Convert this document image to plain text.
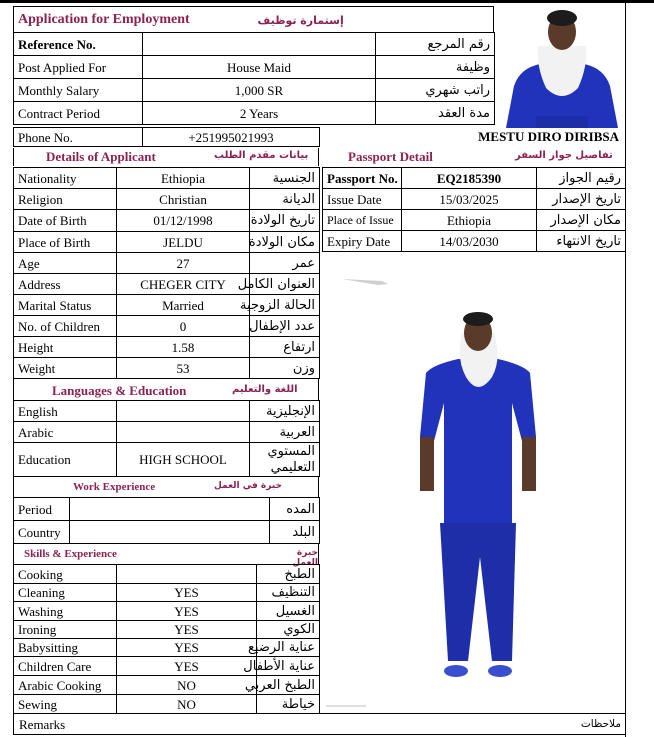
Application for Employment	إستمارة توظيف
Reference No.		رقم المرجع
Post Applied For	House Maid	وظيفة
Monthly Salary	1,000 SR	راتب شهري
Contract Period	2 Years	مدة العقد
Phone No.	+251995021993	MESTU DIRO DIRIBSA
Details of Applicant	بيانات مقدم الطلب	Passport Detail	تفاصيل جواز السفر
Nationality	Ethiopia	الجنسية
Religion	Christian	الديانة
Date of Birth	01/12/1998	تاريخ الولادة
Place of Birth	JELDU	مكان الولادة
Age	27	عمر
Address	CHEGER CITY	العنوان الكامل
Marital Status	Married	الحالة الزوجية
No. of Children	0	عدد الإطفال
Height	1.58	ارتفاع
Weight	53	وزن
Passport No.	EQ2185390	رقيم الجواز
Issue Date	15/03/2025	تاريخ الإصدار
Place of Issue	Ethiopia	مكان الإصدار
Expiry Date	14/03/2030	تاريخ الانتهاء
Languages & Education	اللغة والتعليم
English		الإنجليزية
Arabic		العربية
Education	HIGH SCHOOL	المستوي التعليمي
Work Experience	خبرة في العمل
Period		المده
Country		البلد
Skills & Experience	خبرة العمل
Cooking		الطبخ
Cleaning	YES	التنظيف
Washing	YES	الغسيل
Ironing	YES	الكوي
Babysitting	YES	عناية الرضيع
Children Care	YES	عناية الأطفال
Arabic Cooking	NO	الطبخ العربي
Sewing	NO	خياطة
Remarks	ملاحظات
